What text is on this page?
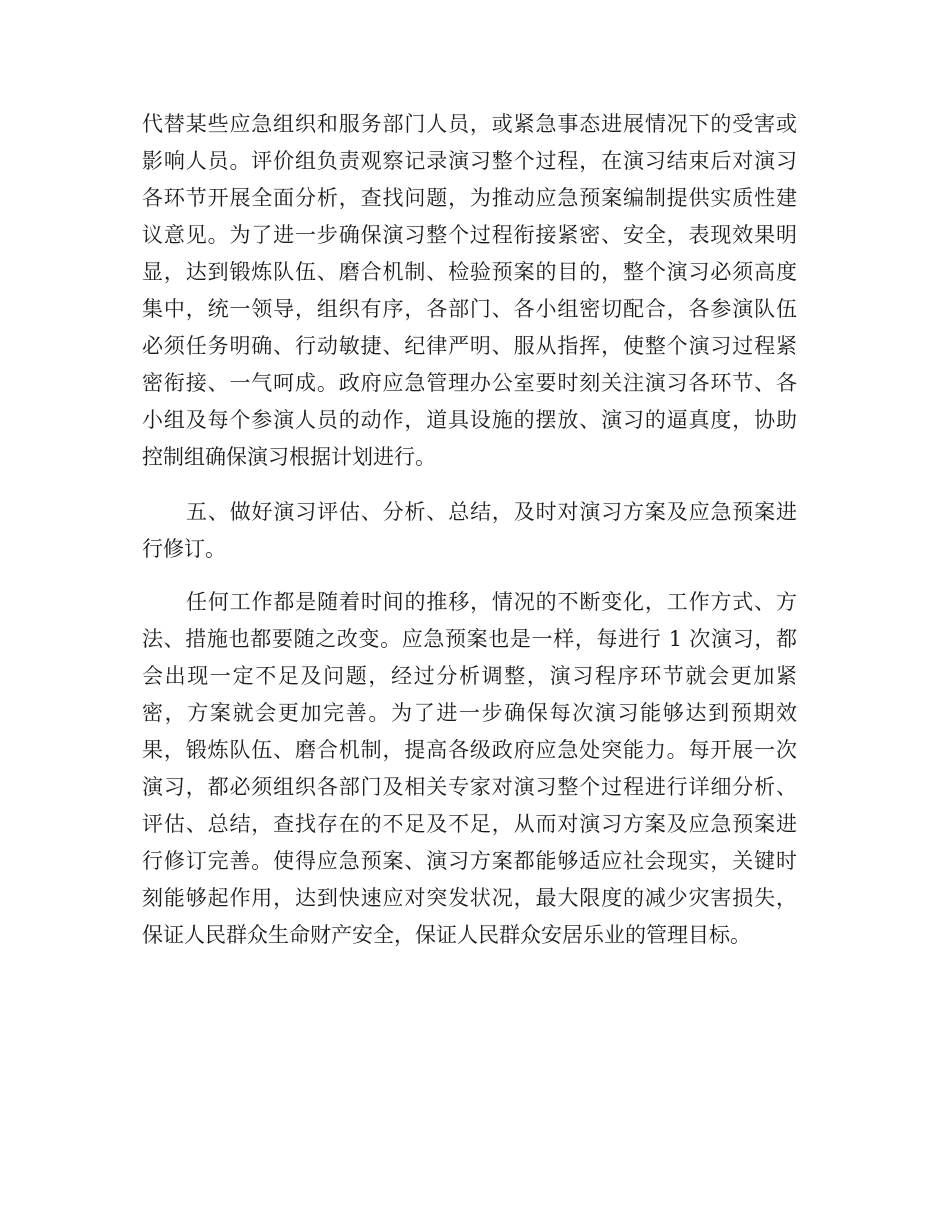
代替某些应急组织和服务部门人员，或紧急事态进展情况下的受害或
影响人员。评价组负责观察记录演习整个过程，在演习结束后对演习
各环节开展全面分析，查找问题，为推动应急预案编制提供实质性建
议意见。为了进一步确保演习整个过程衔接紧密、安全，表现效果明
显，达到锻炼队伍、磨合机制、检验预案的目的，整个演习必须高度
集中，统一领导，组织有序，各部门、各小组密切配合，各参演队伍
必须任务明确、行动敏捷、纪律严明、服从指挥，使整个演习过程紧
密衔接、一气呵成。政府应急管理办公室要时刻关注演习各环节、各
小组及每个参演人员的动作，道具设施的摆放、演习的逼真度，协助
控制组确保演习根据计划进行。
五、做好演习评估、分析、总结，及时对演习方案及应急预案进
行修订。
任何工作都是随着时间的推移，情况的不断变化，工作方式、方
法、措施也都要随之改变。应急预案也是一样，每进行 1 次演习，都
会出现一定不足及问题，经过分析调整，演习程序环节就会更加紧
密，方案就会更加完善。为了进一步确保每次演习能够达到预期效
果，锻炼队伍、磨合机制，提高各级政府应急处突能力。每开展一次
演习，都必须组织各部门及相关专家对演习整个过程进行详细分析、
评估、总结，查找存在的不足及不足，从而对演习方案及应急预案进
行修订完善。使得应急预案、演习方案都能够适应社会现实，关键时
刻能够起作用，达到快速应对突发状况，最大限度的减少灾害损失，
保证人民群众生命财产安全，保证人民群众安居乐业的管理目标。
